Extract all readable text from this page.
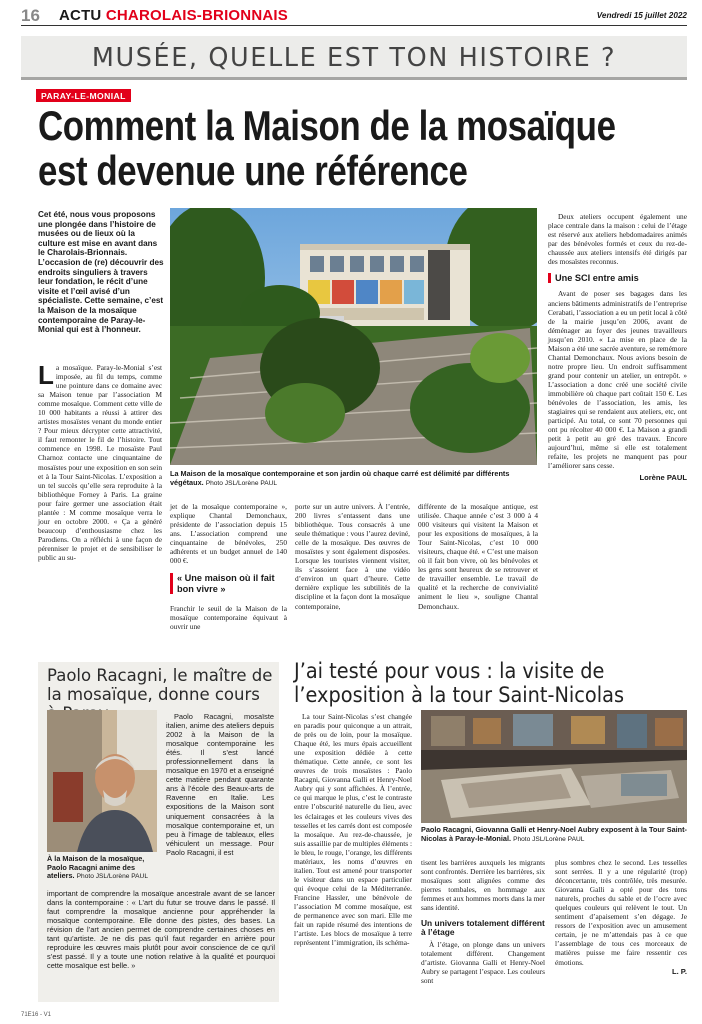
16 ACTU CHAROLAIS-BRIONNAIS	Vendredi 15 juillet 2022
MUSÉE, QUELLE EST TON HISTOIRE ?
PARAY-LE-MONIAL
Comment la Maison de la mosaïque
est devenue une référence

Cet été, nous vous proposons une plongée dans l’histoire de musées ou de lieux où la culture est mise en avant dans le Charolais-Brionnais. L’occasion de (re) découvrir des endroits singuliers à travers leur fondation, le récit d’une visite et l’œil avisé d’un spécialiste. Cette semaine, c’est la Maison de la mosaïque contemporaine de Paray-le-Monial qui est à l’honneur.

La Maison de la mosaïque contemporaine et son jardin où chaque carré est délimité par différents végétaux. Photo JSL/Lorène PAUL

La mosaïque. Paray-le-Monial s’est imposée, au fil du temps, comme une pointure dans ce domaine avec sa Maison tenue par l’association M comme mosaïque. Comment cette ville de 10 000 habitants a réussi à attirer des artistes mosaïstes venant du monde entier ? Pour mieux décrypter cette attractivité, il faut remonter le fil de l’histoire. Tout commence en 1998. Le mosaïste Paul Charnoz contacte une cinquantaine de mosaïstes pour une exposition en son sein et à la Tour Saint-Nicolas. L’exposition a un tel succès qu’elle sera reproduite à la bibliothèque Forney à Paris. La graine pour faire germer une association était plantée : M comme mosaïque verra le jour en octobre 2000. « Ça a généré beaucoup d’enthousiasme chez les Parodiens. On a réfléchi à une façon de pérenniser le projet et de sensibiliser le public au su-

jet de la mosaïque contemporaine », explique Chantal Demonchaux, présidente de l’association depuis 15 ans. L’association comprend une cinquantaine de bénévoles, 250 adhérents et un budget annuel de 140 000 €.

« Une maison où il fait bon vivre »

Franchir le seuil de la Maison de la mosaïque contemporaine équivaut à ouvrir une

porte sur un autre univers. À l’entrée, 200 livres s’entassent dans une bibliothèque. Tous consacrés à une seule thématique : vous l’aurez deviné, celle de la mosaïque. Des œuvres de mosaïstes y sont également disposées. Lorsque les touristes viennent visiter, ils s’assoient face à une vidéo d’environ un quart d’heure. Cette dernière explique les subtilités de la discipline et la façon dont la mosaïque contemporaine,

différente de la mosaïque antique, est utilisée. Chaque année c’est 3 000 à 4 000 visiteurs qui visitent la Maison et pour les expositions de mosaïques, à la Tour Saint-Nicolas, c’est 10 000 visiteurs, chaque été. « C’est une maison où il fait bon vivre, où les bénévoles et les gens sont heureux de se retrouver et de travailler ensemble. Le travail de qualité et la recherche de convivialité animent le lieu », souligne Chantal Demonchaux.

Deux ateliers occupent également une place centrale dans la maison : celui de l’étage est réservé aux ateliers hebdomadaires animés par des bénévoles formés et ceux du rez-de-chaussée aux ateliers intensifs été dirigés par des mosaïstes reconnus.

Une SCI entre amis

Avant de poser ses bagages dans les anciens bâtiments administratifs de l’entreprise Cerabati, l’association a eu un petit local à côté de la mairie jusqu’en 2006, avant de déménager au foyer des jeunes travailleurs jusqu’en 2010. « La mise en place de la Maison a été une sacrée aventure, se remémore Chantal Demonchaux. Nous avions besoin de notre propre lieu. Un endroit suffisamment grand pour contenir un atelier, un entrepôt. » L’association a donc créé une société civile immobilière où chaque part coûtait 150 €. Les bénévoles de l’association, les amis, les stagiaires qui se rendaient aux ateliers, etc, ont participé. Au total, ce sont 70 personnes qui ont pu récolter 40 000 €. La Maison a grandi petit à petit au gré des travaux. Encore aujourd’hui, même si elle est totalement refaite, les projets ne manquent pas pour l’améliorer sans cesse.

Lorène PAUL
Paolo Racagni, le maître de la mosaïque, donne cours

À la Maison de la mosaïque, Paolo Racagni anime des ateliers. Photo JSL/Lorène PAUL

Paolo Racagni, mosaïste italien, anime des ateliers depuis 2002 à la Maison de la mosaïque contemporaine les étés. Il s’est lancé professionnellement dans la mosaïque en 1970 et a enseigné cette matière pendant quarante ans à l’école des Beaux-arts de Ravenne en Italie. Les expositions de la Maison sont uniquement consacrées à la mosaïque contemporaine et, un peu à l’image de tableaux, elles véhiculent un message. Pour Paolo Racagni, il est

important de comprendre la mosaïque ancestrale avant de se lancer dans la contemporaine : « L’art du futur se trouve dans le passé. Il faut comprendre la mosaïque ancienne pour appréhender la mosaïque contemporaine. Elle donne des pistes, des bases. La révision de l’art ancien permet de comprendre certaines choses en tant qu’artiste. Je ne dis pas qu’il faut regarder en arrière pour reproduire les œuvres mais plutôt pour avoir conscience de ce qu’il s’est passé. Il y a toute une notion relative à la qualité et pourquoi cette mosaïque est belle. »

J’ai testé pour vous : la visite de
l’exposition à la tour Saint-Nicolas

La tour Saint-Nicolas s’est changée en paradis pour quiconque a un attrait, de près ou de loin, pour la mosaïque. Chaque été, les murs épais accueillent une exposition dédiée à cette thématique. Cette année, ce sont les œuvres de trois mosaïstes : Paolo Racagni, Giovanna Galli et Henry-Noel Aubry qui y sont affichées. À l’entrée, ce qui marque le plus, c’est le contraste entre l’obscurité naturelle du lieu, avec les éclairages et les couleurs vives des tesselles et les carrés dont est composée la mosaïque. Au rez-de-chaussée, je suis assaillie par de multiples éléments : le bleu, le rouge, l’orange, les différents matériaux, les noms d’œuvres en italien. Tout est amené pour transporter le visiteur dans un espace particulier qui évoque celui de la Méditerranée. Francine Hassler, une bénévole de l’association M comme mosaïque, est de permanence avec son mari. Elle me fait un rapide résumé des intentions de l’artiste. Les blocs de mosaïque à terre représentent l’immigration, ils schéma-

Paolo Racagni, Giovanna Galli et Henry-Noel Aubry exposent à la Tour Saint-Nicolas à Paray-le-Monial. Photo JSL/Lorène PAUL

tisent les barrières auxquels les migrants sont confrontés. Derrière les barrières, six mosaïques sont alignées comme des pierres tombales, en hommage aux femmes et aux hommes morts dans la mer sans identité.

Un univers totalement différent à l’étage

À l’étage, on plonge dans un univers totalement différent. Changement d’artiste. Giovanna Galli et Henry-Noel Aubry se partagent l’espace. Les couleurs sont

plus sombres chez le second. Les tesselles sont serrées. Il y a une régularité (trop) déconcertante, très contrôlée, très mesurée. Giovanna Galli a opté pour des tons naturels, proches du sable et de l’ocre avec quelques couleurs qui relèvent le tout. Un sentiment d’apaisement s’en dégage. Je ressors de l’exposition avec un amusement certain, je ne m’attendais pas à ce que l’assemblage de tous ces morceaux de matières puisse me faire ressentir ces émotions.

L. P.
71E16 - V1
